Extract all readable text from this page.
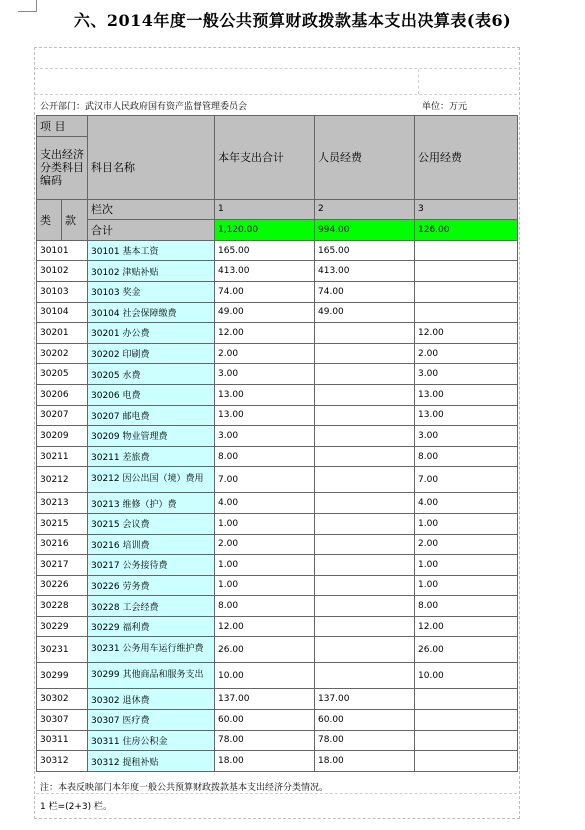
六、2014年度一般公共预算财政拨款基本支出决算表(表6)
公开部门：武汉市人民政府国有资产监督管理委员会	单位：万元
项 目			本年支出合计	人员经费	公用经费
支出经济分类科目编码		科目名称			

类	款	栏次	1	2	3
		合计	1,120.00	994.00	126.00
30101		30101 基本工资	165.00	165.00	
30102		30102 津贴补贴	413.00	413.00	
30103		30103 奖金	74.00	74.00	
30104		30104 社会保障缴费	49.00	49.00	
30201		30201 办公费	12.00		12.00
30202		30202 印刷费	2.00		2.00
30205		30205 水费	3.00		3.00
30206		30206 电费	13.00		13.00
30207		30207 邮电费	13.00		13.00
30209		30209 物业管理费	3.00		3.00
30211		30211 差旅费	8.00		8.00
30212		30212 因公出国（境）费用	7.00		7.00
30213		30213 维修（护）费	4.00		4.00
30215		30215 会议费	1.00		1.00
30216		30216 培训费	2.00		2.00
30217		30217 公务接待费	1.00		1.00
30226		30226 劳务费	1.00		1.00
30228		30228 工会经费	8.00		8.00
30229		30229 福利费	12.00		12.00
30231		30231 公务用车运行维护费	26.00		26.00
30299		30299 其他商品和服务支出	10.00		10.00
30302		30302 退休费	137.00	137.00	
30307		30307 医疗费	60.00	60.00	
30311		30311 住房公积金	78.00	78.00	
30312		30312 提租补贴	18.00	18.00	
注：本表反映部门本年度一般公共预算财政拨款基本支出经济分类情况。
1 栏=(2+3) 栏。
